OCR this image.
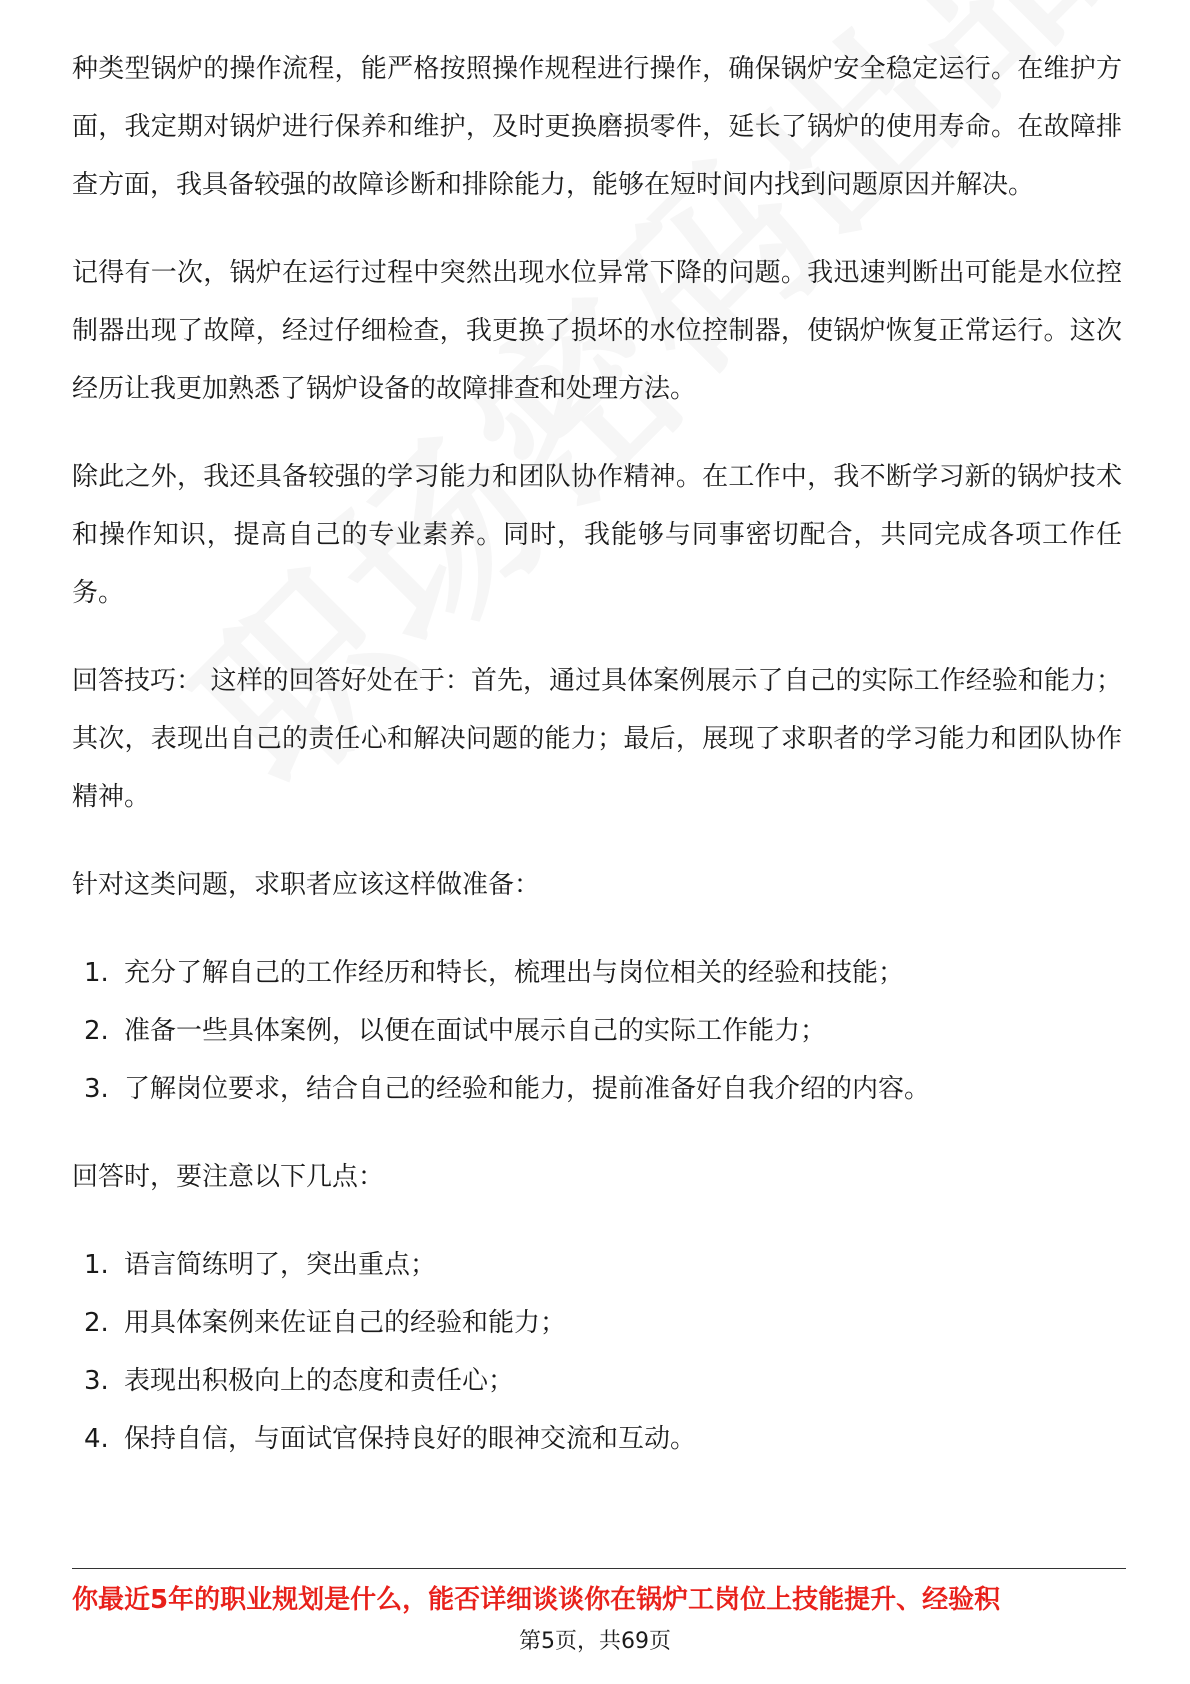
种类型锅炉的操作流程，能严格按照操作规程进行操作，确保锅炉安全稳定运行。在维护方面，我定期对锅炉进行保养和维护，及时更换磨损零件，延长了锅炉的使用寿命。在故障排查方面，我具备较强的故障诊断和排除能力，能够在短时间内找到问题原因并解决。

记得有一次，锅炉在运行过程中突然出现水位异常下降的问题。我迅速判断出可能是水位控制器出现了故障，经过仔细检查，我更换了损坏的水位控制器，使锅炉恢复正常运行。这次经历让我更加熟悉了锅炉设备的故障排查和处理方法。

除此之外，我还具备较强的学习能力和团队协作精神。在工作中，我不断学习新的锅炉技术和操作知识，提高自己的专业素养。同时，我能够与同事密切配合，共同完成各项工作任务。

回答技巧： 这样的回答好处在于：首先，通过具体案例展示了自己的实际工作经验和能力；其次，表现出自己的责任心和解决问题的能力；最后，展现了求职者的学习能力和团队协作精神。

针对这类问题，求职者应该这样做准备：

1. 充分了解自己的工作经历和特长，梳理出与岗位相关的经验和技能；
2. 准备一些具体案例，以便在面试中展示自己的实际工作能力；
3. 了解岗位要求，结合自己的经验和能力，提前准备好自我介绍的内容。

回答时，要注意以下几点：

1. 语言简练明了，突出重点；
2. 用具体案例来佐证自己的经验和能力；
3. 表现出积极向上的态度和责任心；
4. 保持自信，与面试官保持良好的眼神交流和互动。
你最近5年的职业规划是什么，能否详细谈谈你在锅炉工岗位上技能提升、经验积
第5页，共69页
